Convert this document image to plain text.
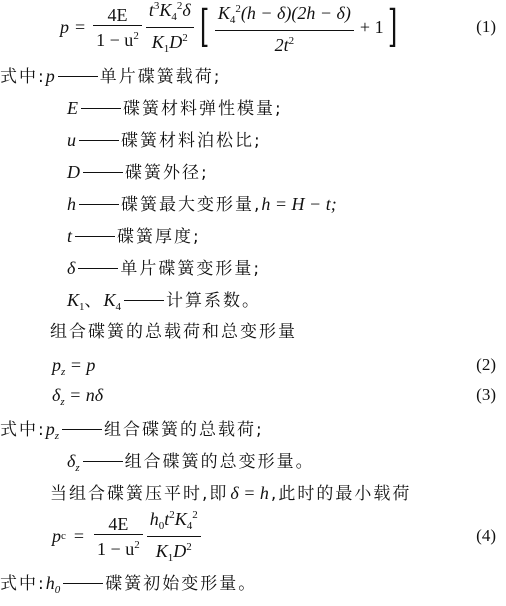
$p = \frac{4E}{1 - u^2} \frac{t^3K_4^2\delta}{K_1D^2}$ [ $\frac{K_4^2(h - \delta)(2h - \delta)}{2t^2} + 1$ ]	(1)
式中:p	单片碟簧载荷;
E	碟簧材料弹性模量;
u	碟簧材料泊松比;
D	碟簧外径;
h	碟簧最大变形量,h = H − t;
t	碟簧厚度;
δ	单片碟簧变形量;
$K_1$、$K_4$	计算系数。
组合碟簧的总载荷和总变形量
$p_z = p$	(2)
$\delta_z = n\delta$	(3)
式中$:p_z$	组合碟簧的总载荷;
$\delta_z$	组合碟簧的总变形量。
当组合碟簧压平时,即 δ = h ,此时的最小载荷
p $c = \frac{4E}{1 - u^2} \frac{h_0t^2K_4^2}{K_1D^2}$	(4)
式中$:h_0$	碟簧初始变形量。
